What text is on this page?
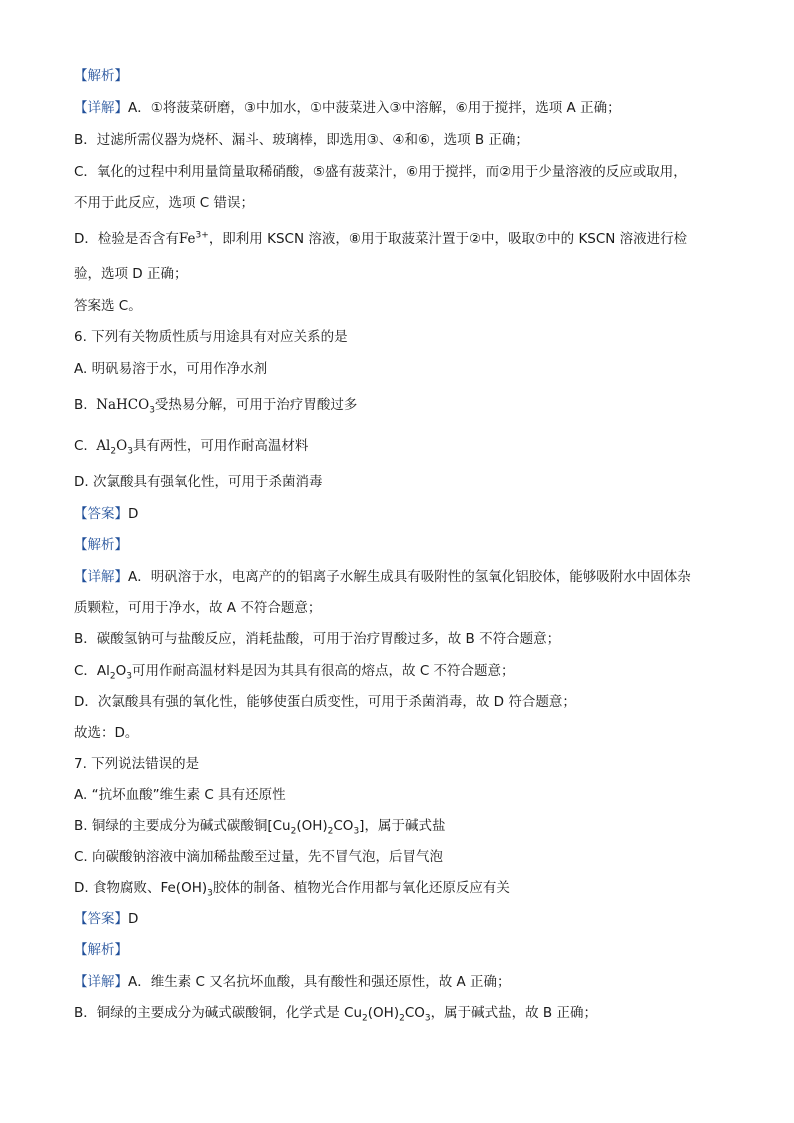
【解析】
【详解】A．①将菠菜研磨，③中加水，①中菠菜进入③中溶解，⑥用于搅拌，选项 A 正确；
B．过滤所需仪器为烧杯、漏斗、玻璃棒，即选用③、④和⑥，选项 B 正确；
C．氧化的过程中利用量筒量取稀硝酸，⑤盛有菠菜汁，⑥用于搅拌，而②用于少量溶液的反应或取用，
不用于此反应，选项 C 错误；
D．检验是否含有$Fe^{3+}$，即利用 KSCN 溶液，⑧用于取菠菜汁置于②中，吸取⑦中的 KSCN 溶液进行检
验，选项 D 正确；
答案选 C。
6. 下列有关物质性质与用途具有对应关系的是
A. 明矾易溶于水，可用作净水剂
B. NaHCO$_3$受热易分解，可用于治疗胃酸过多
C. $Al_2O_3$具有两性，可用作耐高温材料
D. 次氯酸具有强氧化性，可用于杀菌消毒
【答案】D
【解析】
【详解】A．明矾溶于水，电离产的的铝离子水解生成具有吸附性的氢氧化铝胶体，能够吸附水中固体杂
质颗粒，可用于净水，故 A 不符合题意；
B．碳酸氢钠可与盐酸反应，消耗盐酸，可用于治疗胃酸过多，故 B 不符合题意；
C．$Al_2O_3$可用作耐高温材料是因为其具有很高的熔点，故 C 不符合题意；
D．次氯酸具有强的氧化性，能够使蛋白质变性，可用于杀菌消毒，故 D 符合题意；
故选：D。
7. 下列说法错误的是
A. “抗坏血酸”维生素 C 具有还原性
B. 铜绿的主要成分为碱式碳酸铜$[Cu_2(OH)_2CO_3]$，属于碱式盐
C. 向碳酸钠溶液中滴加稀盐酸至过量，先不冒气泡，后冒气泡
D. 食物腐败、$Fe(OH)_3$胶体的制备、植物光合作用都与氧化还原反应有关
【答案】D
【解析】
【详解】A．维生素 C 又名抗坏血酸，具有酸性和强还原性，故 A 正确；
B．铜绿的主要成分为碱式碳酸铜，化学式是 $Cu_2(OH)_2CO_3$，属于碱式盐，故 B 正确；
